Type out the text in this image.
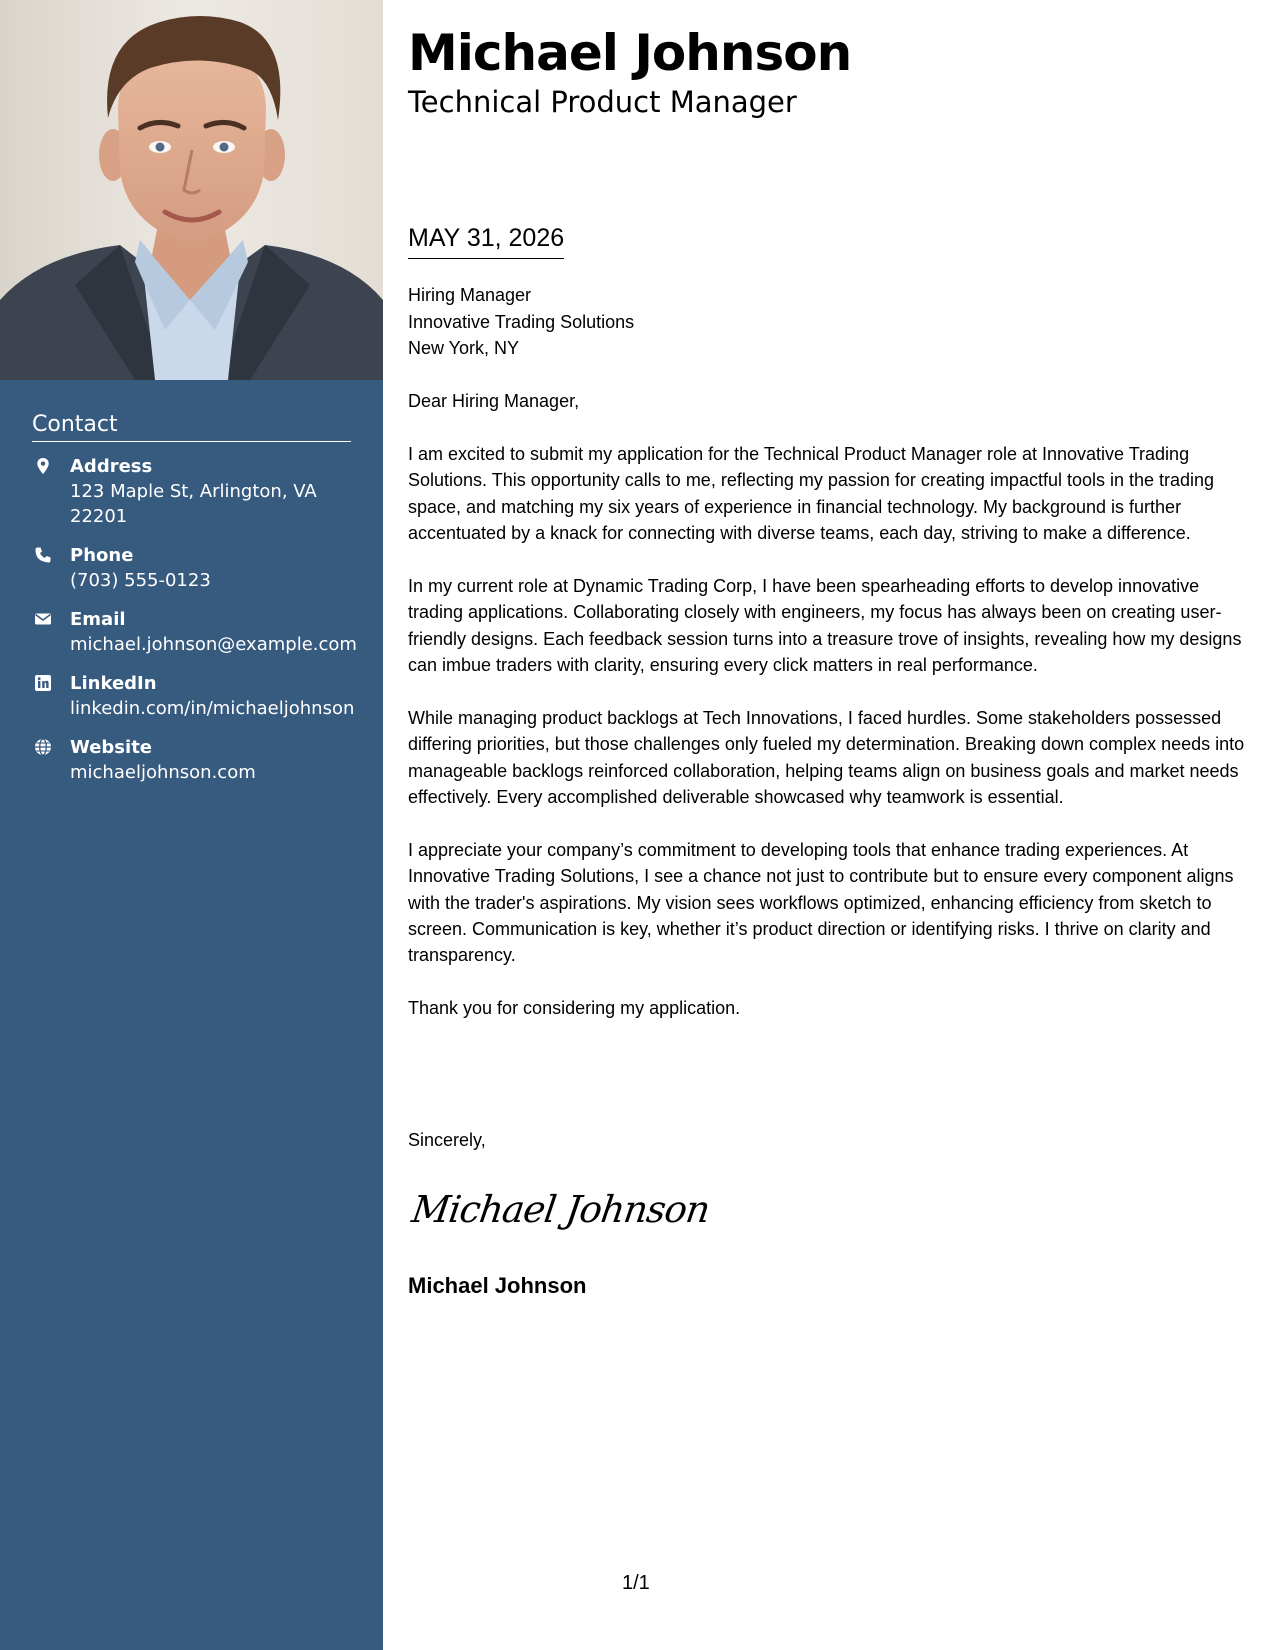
Contact
Address
123 Maple St, Arlington, VA 22201
Phone
(703) 555-0123
Email
michael.johnson@example.com
LinkedIn
linkedin.com/in/michaeljohnson
Website
michaeljohnson.com
Michael Johnson
Technical Product Manager
MAY 31, 2026
Hiring Manager
Innovative Trading Solutions
New York, NY

Dear Hiring Manager,

I am excited to submit my application for the Technical Product Manager role at Innovative Trading Solutions. This opportunity calls to me, reflecting my passion for creating impactful tools in the trading space, and matching my six years of experience in financial technology. My background is further accentuated by a knack for connecting with diverse teams, each day, striving to make a difference.

In my current role at Dynamic Trading Corp, I have been spearheading efforts to develop innovative trading applications. Collaborating closely with engineers, my focus has always been on creating user-friendly designs. Each feedback session turns into a treasure trove of insights, revealing how my designs can imbue traders with clarity, ensuring every click matters in real performance.

While managing product backlogs at Tech Innovations, I faced hurdles. Some stakeholders possessed differing priorities, but those challenges only fueled my determination. Breaking down complex needs into manageable backlogs reinforced collaboration, helping teams align on business goals and market needs effectively. Every accomplished deliverable showcased why teamwork is essential.

I appreciate your company’s commitment to developing tools that enhance trading experiences. At Innovative Trading Solutions, I see a chance not just to contribute but to ensure every component aligns with the trader's aspirations. My vision sees workflows optimized, enhancing efficiency from sketch to screen. Communication is key, whether it’s product direction or identifying risks. I thrive on clarity and transparency.

Thank you for considering my application.

Sincerely,
Michael Johnson
Michael Johnson
1/1
